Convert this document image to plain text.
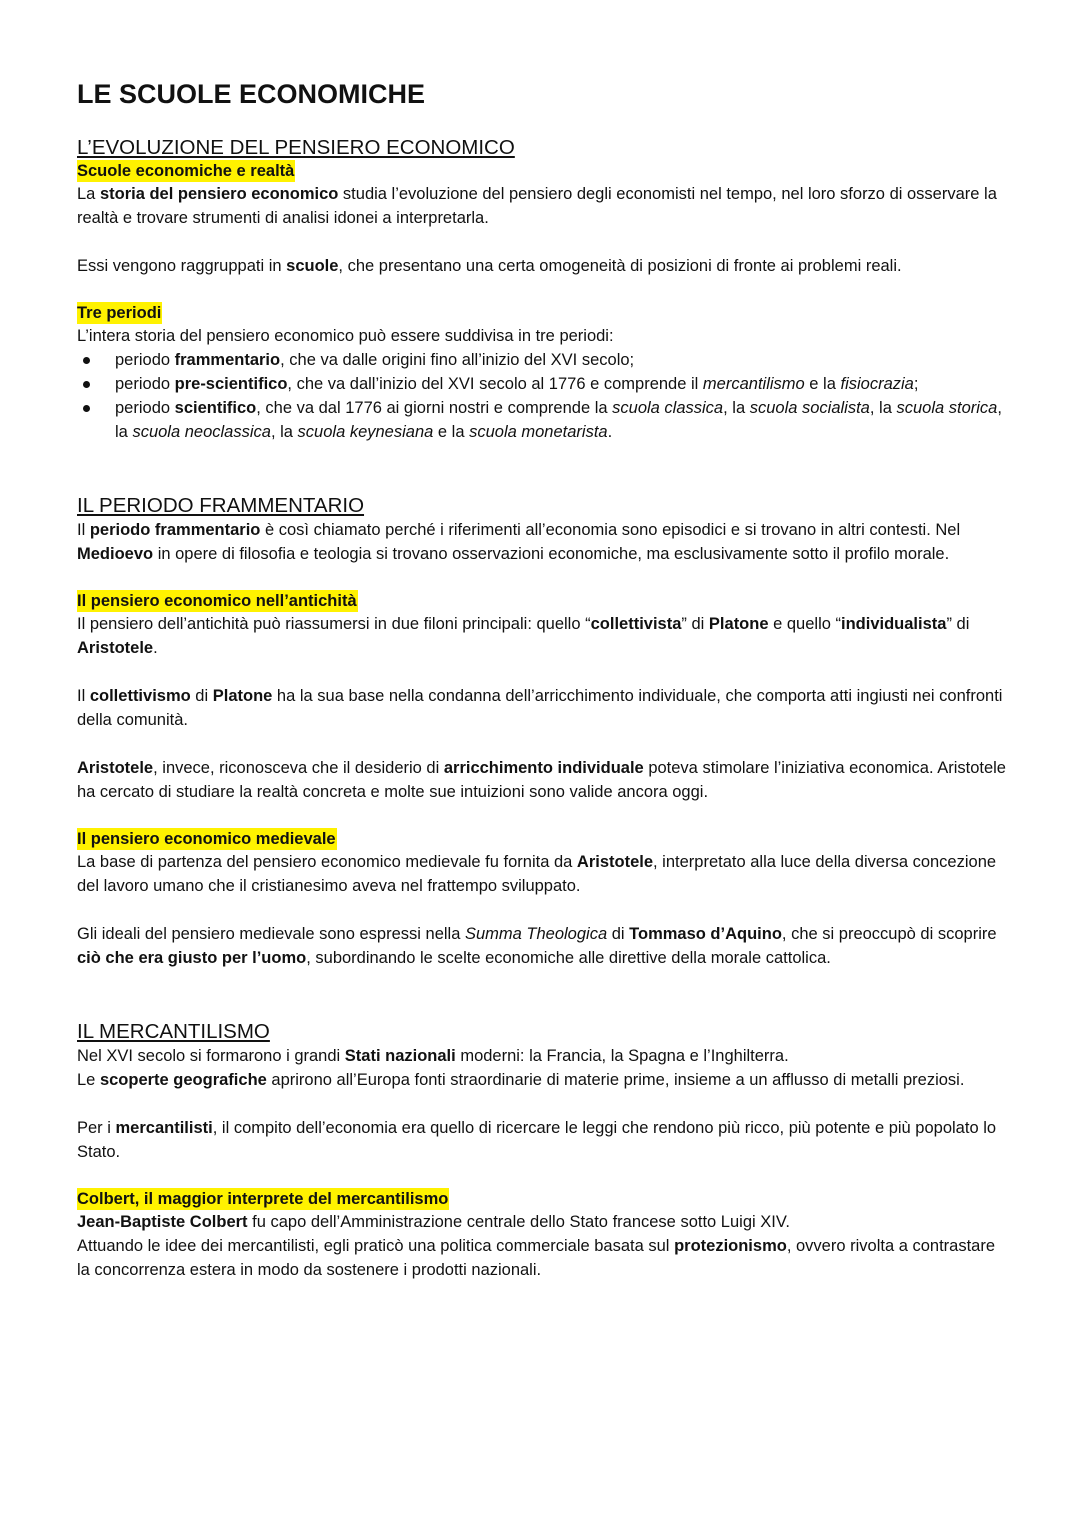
LE SCUOLE ECONOMICHE
L’EVOLUZIONE DEL PENSIERO ECONOMICO
Scuole economiche e realtà

La storia del pensiero economico studia l’evoluzione del pensiero degli economisti nel tempo, nel loro sforzo di osservare la realtà e trovare strumenti di analisi idonei a interpretarla.

Essi vengono raggruppati in scuole, che presentano una certa omogeneità di posizioni di fronte ai problemi reali.

Tre periodi

L’intera storia del pensiero economico può essere suddivisa in tre periodi:

periodo frammentario, che va dalle origini fino all’inizio del XVI secolo;
periodo pre-scientifico, che va dall’inizio del XVI secolo al 1776 e comprende il mercantilismo e la fisiocrazia;
periodo scientifico, che va dal 1776 ai giorni nostri e comprende la scuola classica, la scuola socialista, la scuola storica, la scuola neoclassica, la scuola keynesiana e la scuola monetarista.
IL PERIODO FRAMMENTARIO

Il periodo frammentario è così chiamato perché i riferimenti all’economia sono episodici e si trovano in altri contesti. Nel Medioevo in opere di filosofia e teologia si trovano osservazioni economiche, ma esclusivamente sotto il profilo morale.

Il pensiero economico nell’antichità

Il pensiero dell’antichità può riassumersi in due filoni principali: quello “collettivista” di Platone e quello “individualista” di Aristotele.

Il collettivismo di Platone ha la sua base nella condanna dell’arricchimento individuale, che comporta atti ingiusti nei confronti della comunità.

Aristotele, invece, riconosceva che il desiderio di arricchimento individuale poteva stimolare l’iniziativa economica. Aristotele ha cercato di studiare la realtà concreta e molte sue intuizioni sono valide ancora oggi.

Il pensiero economico medievale

La base di partenza del pensiero economico medievale fu fornita da Aristotele, interpretato alla luce della diversa concezione del lavoro umano che il cristianesimo aveva nel frattempo sviluppato.

Gli ideali del pensiero medievale sono espressi nella Summa Theologica di Tommaso d’Aquino, che si preoccupò di scoprire ciò che era giusto per l’uomo, subordinando le scelte economiche alle direttive della morale cattolica.

IL MERCANTILISMO

Nel XVI secolo si formarono i grandi Stati nazionali moderni: la Francia, la Spagna e l’Inghilterra.

Le scoperte geografiche aprirono all’Europa fonti straordinarie di materie prime, insieme a un afflusso di metalli preziosi.

Per i mercantilisti, il compito dell’economia era quello di ricercare le leggi che rendono più ricco, più potente e più popolato lo Stato.

Colbert, il maggior interprete del mercantilismo

Jean-Baptiste Colbert fu capo dell’Amministrazione centrale dello Stato francese sotto Luigi XIV.

Attuando le idee dei mercantilisti, egli praticò una politica commerciale basata sul protezionismo, ovvero rivolta a contrastare la concorrenza estera in modo da sostenere i prodotti nazionali.
